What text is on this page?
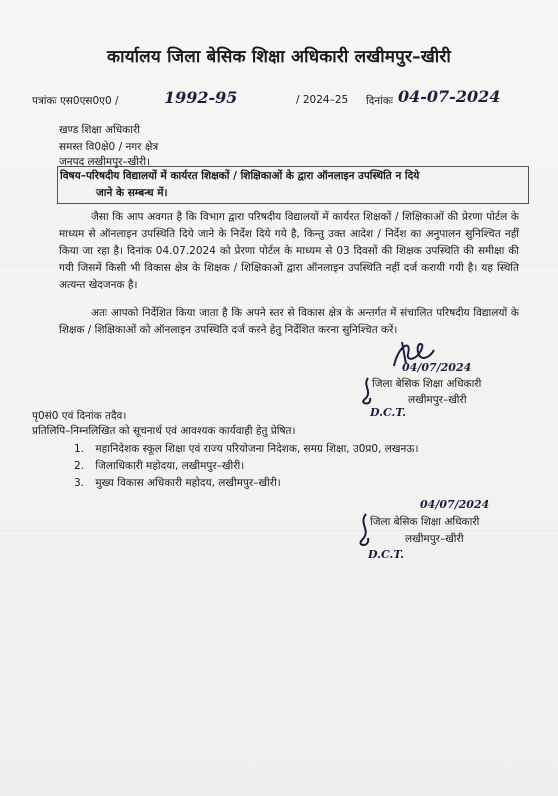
कार्यालय जिला बेसिक शिक्षा अधिकारी लखीमपुर–खीरी
पत्रांकः एस0एस0ए0 /	1992-95	/ 2024–25 दिनांकः 04-07-2024
खण्ड शिक्षा अधिकारी
समस्त वि0क्षे0 / नगर क्षेत्र
जनपद लखीमपुर–खीरी।
विषय–परिषदीय विद्यालयों में कार्यरत शिक्षकों / शिक्षिकाओं के द्वारा ऑनलाइन उपस्थिति न दिये
जाने के सम्बन्ध में।
जैसा कि आप अवगत है कि विभाग द्वारा परिषदीय विद्यालयों में कार्यरत शिक्षकों / शिक्षिकाओं की प्रेरणा पोर्टल के माध्यम से ऑनलाइन उपस्थिति दिये जाने के निर्देश दिये गये है, किन्तु उक्त आदेश / निर्देश का अनुपालन सुनिश्चित नहीं किया जा रहा है। दिनांक 04.07.2024 को प्रेरणा पोर्टल के माध्यम से 03 दिवसों की शिक्षक उपस्थिति की समीक्षा की गयी जिसमें किसी भी विकास क्षेत्र के शिक्षक / शिक्षिकाओं द्वारा ऑनलाइन उपस्थिति नहीं दर्ज करायी गयी है। यह स्थिति अत्यन्त खेदजनक है।
अतः आपको निर्देशित किया जाता है कि अपने स्तर से विकास क्षेत्र के अन्तर्गत में संचालित परिषदीय विद्यालयों के शिक्षक / शिक्षिकाओं को ऑनलाइन उपस्थिति दर्ज करने हेतु निर्देशित करना सुनिश्चित करें।
04/07/2024
जिला बेसिक शिक्षा अधिकारी
लखीमपुर–खीरी
D.C.T.
पृ0सं0 एवं दिनांक तदैव।
प्रतिलिपि–निम्नलिखित को सूचनार्थ एवं आवश्यक कार्यवाही हेतु प्रेषित।
1. महानिदेशक स्कूल शिक्षा एवं राज्य परियोजना निदेशक, समग्र शिक्षा, उ0प्र0, लखनऊ।
2. जिलाधिकारी महोदया, लखीमपुर–खीरी।
3. मुख्य विकास अधिकारी महोदय, लखीमपुर–खीरी।
04/07/2024
जिला बेसिक शिक्षा अधिकारी
लखीमपुर–खीरी
D.C.T.
